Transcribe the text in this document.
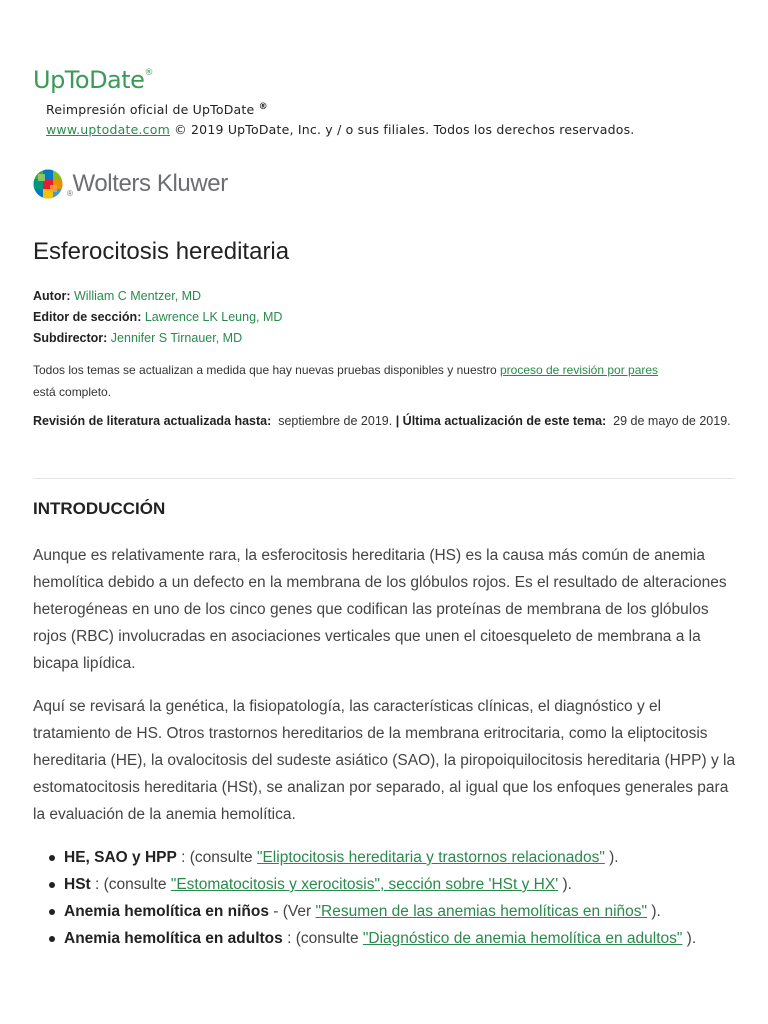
UpToDate®
Reimpresión oficial de UpToDate ®
www.uptodate.com © 2019 UpToDate, Inc. y / o sus filiales. Todos los derechos reservados.
®Wolters Kluwer
Esferocitosis hereditaria
Autor: William C Mentzer, MD
Editor de sección: Lawrence LK Leung, MD
Subdirector: Jennifer S Tirnauer, MD
Todos los temas se actualizan a medida que hay nuevas pruebas disponibles y nuestro proceso de revisión por pares
está completo.
Revisión de literatura actualizada hasta: septiembre de 2019. | Última actualización de este tema: 29 de mayo de 2019.
INTRODUCCIÓN

Aunque es relativamente rara, la esferocitosis hereditaria (HS) es la causa más común de anemia hemolítica debido a un defecto en la membrana de los glóbulos rojos. Es el resultado de alteraciones heterogéneas en uno de los cinco genes que codifican las proteínas de membrana de los glóbulos rojos (RBC) involucradas en asociaciones verticales que unen el citoesqueleto de membrana a la bicapa lipídica.

Aquí se revisará la genética, la fisiopatología, las características clínicas, el diagnóstico y el tratamiento de HS. Otros trastornos hereditarios de la membrana eritrocitaria, como la eliptocitosis hereditaria (HE), la ovalocitosis del sudeste asiático (SAO), la piropoiquilocitosis hereditaria (HPP) y la estomatocitosis hereditaria (HSt), se analizan por separado, al igual que los enfoques generales para la evaluación de la anemia hemolítica.

HE, SAO y HPP : (consulte "Eliptocitosis hereditaria y trastornos relacionados" ).
HSt : (consulte "Estomatocitosis y xerocitosis", sección sobre 'HSt y HX' ).
Anemia hemolítica en niños - (Ver "Resumen de las anemias hemolíticas en niños" ).
Anemia hemolítica en adultos : (consulte "Diagnóstico de anemia hemolítica en adultos" ).
